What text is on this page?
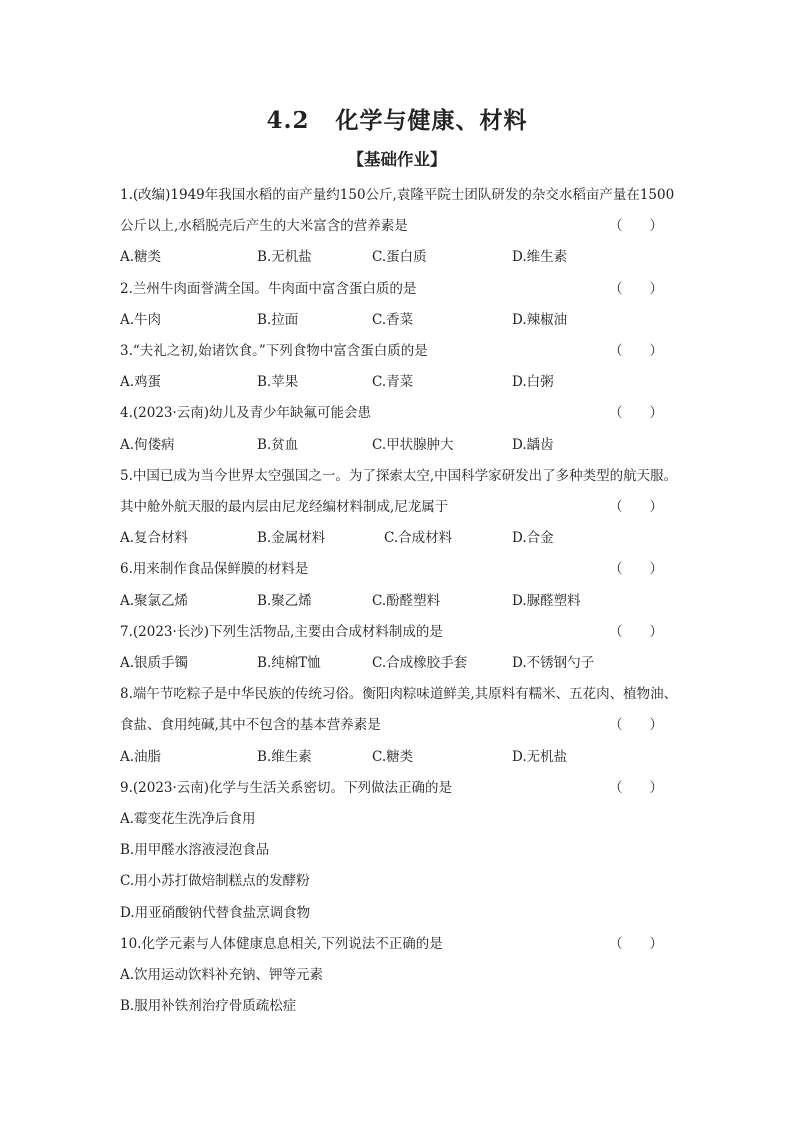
4.2 化学与健康、材料
【基础作业】
1.(改编)1949年我国水稻的亩产量约150公斤,袁隆平院士团队研发的杂交水稻亩产量在1500
公斤以上,水稻脱壳后产生的大米富含的营养素是	（　　）
A.糖类	B.无机盐	C.蛋白质	D.维生素
2.兰州牛肉面誉满全国。牛肉面中富含蛋白质的是	（　　）
A.牛肉	B.拉面	C.香菜	D.辣椒油
3.“夫礼之初,始诸饮食。”下列食物中富含蛋白质的是	（　　）
A.鸡蛋	B.苹果	C.青菜	D.白粥
4.(2023·云南)幼儿及青少年缺氟可能会患	（　　）
A.佝偻病	B.贫血	C.甲状腺肿大	D.龋齿
5.中国已成为当今世界太空强国之一。为了探索太空,中国科学家研发出了多种类型的航天服。
其中舱外航天服的最内层由尼龙经编材料制成,尼龙属于	（　　）
A.复合材料	B.金属材料	C.合成材料	D.合金
6.用来制作食品保鲜膜的材料是	（　　）
A.聚氯乙烯	B.聚乙烯	C.酚醛塑料	D.脲醛塑料
7.(2023·长沙)下列生活物品,主要由合成材料制成的是	（　　）
A.银质手镯	B.纯棉T恤	C.合成橡胶手套	D.不锈钢勺子
8.端午节吃粽子是中华民族的传统习俗。衡阳肉粽味道鲜美,其原料有糯米、五花肉、植物油、
食盐、食用纯碱,其中不包含的基本营养素是	（　　）
A.油脂	B.维生素	C.糖类	D.无机盐
9.(2023·云南)化学与生活关系密切。下列做法正确的是	（　　）
A.霉变花生洗净后食用
B.用甲醛水溶液浸泡食品
C.用小苏打做焙制糕点的发酵粉
D.用亚硝酸钠代替食盐烹调食物
10.化学元素与人体健康息息相关,下列说法不正确的是	（　　）
A.饮用运动饮料补充钠、钾等元素
B.服用补铁剂治疗骨质疏松症
